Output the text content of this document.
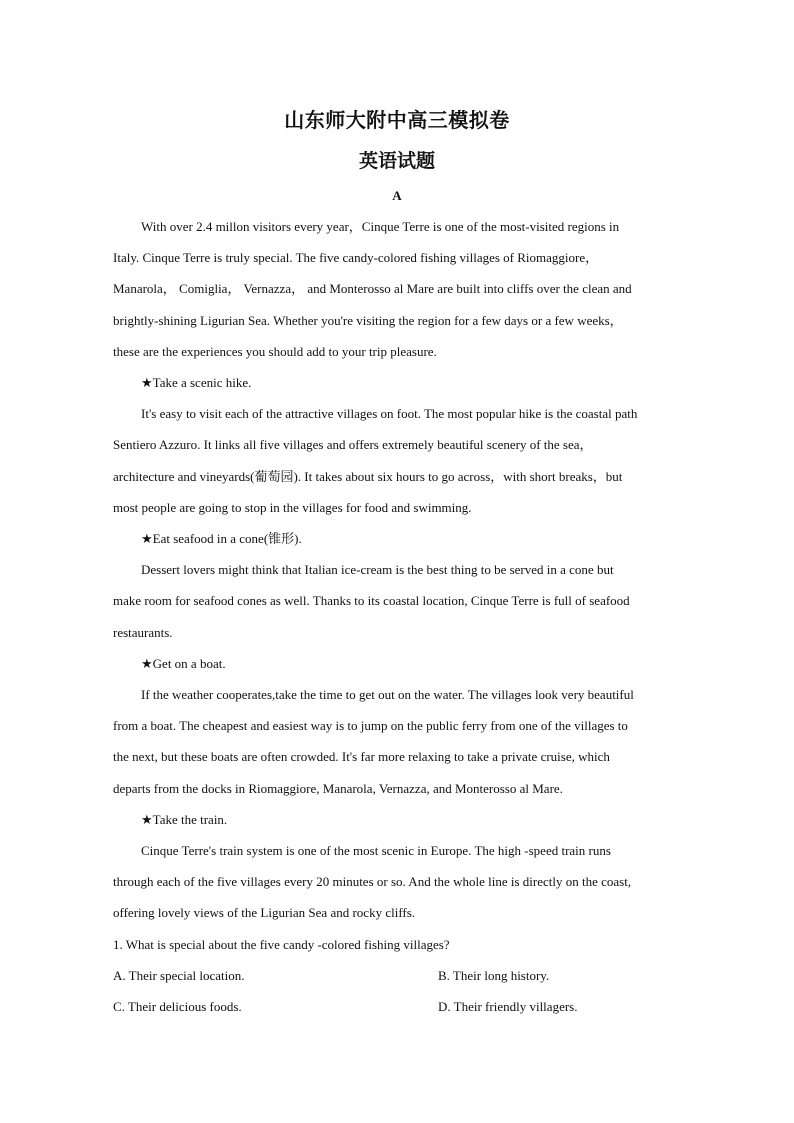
山东师大附中高三模拟卷
英语试题
A
With over 2.4 millon visitors every year，Cinque Terre is one of the most-visited regions in
Italy. Cinque Terre is truly special. The five candy-colored fishing villages of Riomaggiore，
Manarola， Comiglia， Vernazza， and Monterosso al Mare are built into cliffs over the clean and
brightly-shining Ligurian Sea. Whether you're visiting the region for a few days or a few weeks，
these are the experiences you should add to your trip pleasure.
★Take a scenic hike.
It's easy to visit each of the attractive villages on foot. The most popular hike is the coastal path
Sentiero Azzuro. It links all five villages and offers extremely beautiful scenery of the sea，
architecture and vineyards(葡萄园). It takes about six hours to go across，with short breaks，but
most people are going to stop in the villages for food and swimming.
★Eat seafood in a cone(锥形).
Dessert lovers might think that Italian ice-cream is the best thing to be served in a cone but
make room for seafood cones as well. Thanks to its coastal location, Cinque Terre is full of seafood
restaurants.
★Get on a boat.
If the weather cooperates,take the time to get out on the water. The villages look very beautiful
from a boat. The cheapest and easiest way is to jump on the public ferry from one of the villages to
the next, but these boats are often crowded. It's far more relaxing to take a private cruise, which
departs from the docks in Riomaggiore, Manarola, Vernazza, and Monterosso al Mare.
★Take the train.
Cinque Terre's train system is one of the most scenic in Europe. The high -speed train runs
through each of the five villages every 20 minutes or so. And the whole line is directly on the coast,
offering lovely views of the Ligurian Sea and rocky cliffs.
1. What is special about the five candy -colored fishing villages?
A. Their special location.	B. Their long history.
C. Their delicious foods.	D. Their friendly villagers.
